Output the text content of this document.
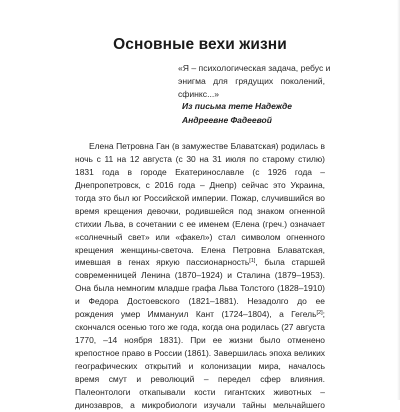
Основные вехи жизни
«Я – психологическая задача, ребус и
энигма для грядущих поколений,
сфинкс...»
Из письма тете Надежде
Андреевне Фадеевой
Елена Петровна Ган (в замужестве Блаватская) родилась в
ночь с 11 на 12 августа (с 30 на 31 июля по старому стилю)
1831 года в городе Екатеринославле (с 1926 года –
Днепропетровск, с 2016 года – Днепр) сейчас это Украина,
тогда это был юг Российской империи. Пожар, случившийся во
время крещения девочки, родившейся под знаком огненной
стихии Льва, в сочетании с ее именем (Елена (греч.) означает
«солнечный свет» или «факел») стал символом огненного
крещения женщины-светоча. Елена Петровна Блаватская,
имевшая в генах яркую пассионарность[1], была старшей
современницей Ленина (1870–1924) и Сталина (1879–1953).
Она была немногим младше графа Льва Толстого (1828–1910)
и Федора Достоевского (1821–1881). Незадолго до ее
рождения умер Иммануил Кант (1724–1804), а Гегель[2];
скончался осенью того же года, когда она родилась (27 августа
1770, –14 ноября 1831). При ее жизни было отменено
крепостное право в России (1861). Завершилась эпоха великих
географических открытий и колонизации мира, началось
время смут и революций – передел сфер влияния.
Палеонтологи откапывали кости гигантских животных –
динозавров, а микробиологи изучали тайны мельчайшего
